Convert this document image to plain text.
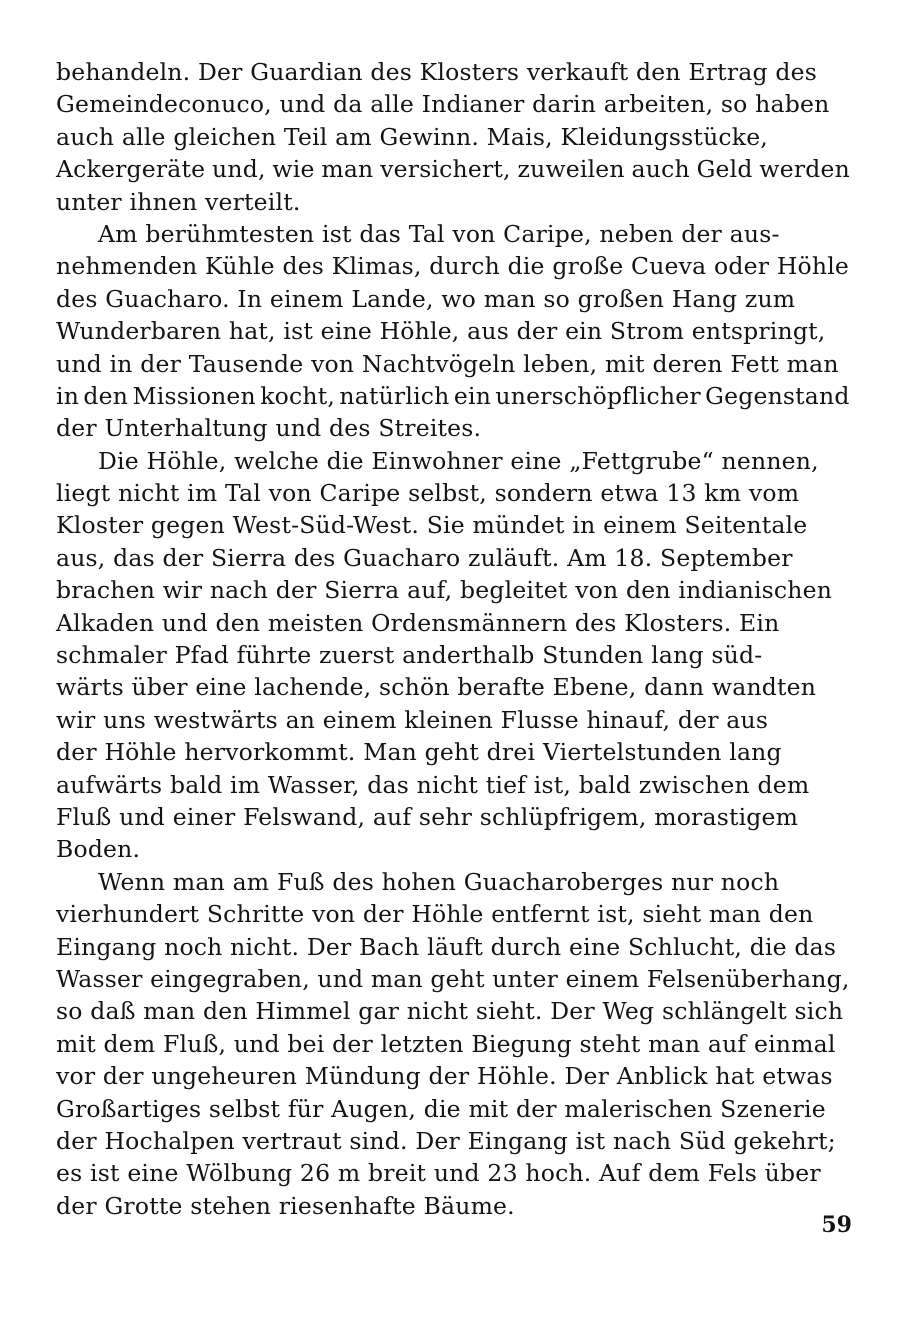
behandeln. Der Guardian des Klosters verkauft den Ertrag des
Gemeindeconuco, und da alle Indianer darin arbeiten, so haben
auch alle gleichen Teil am Gewinn. Mais, Kleidungsstücke,
Ackergeräte und, wie man versichert, zuweilen auch Geld werden
unter ihnen verteilt.
Am berühmtesten ist das Tal von Caripe, neben der aus-
nehmenden Kühle des Klimas, durch die große Cueva oder Höhle
des Guacharo. In einem Lande, wo man so großen Hang zum
Wunderbaren hat, ist eine Höhle, aus der ein Strom entspringt,
und in der Tausende von Nachtvögeln leben, mit deren Fett man
in den Missionen kocht, natürlich ein unerschöpflicher Gegenstand
der Unterhaltung und des Streites.
Die Höhle, welche die Einwohner eine „Fettgrube“ nennen,
liegt nicht im Tal von Caripe selbst, sondern etwa 13 km vom
Kloster gegen West-Süd-West. Sie mündet in einem Seitentale
aus, das der Sierra des Guacharo zuläuft. Am 18. September
brachen wir nach der Sierra auf, begleitet von den indianischen
Alkaden und den meisten Ordensmännern des Klosters. Ein
schmaler Pfad führte zuerst anderthalb Stunden lang süd-
wärts über eine lachende, schön berafte Ebene, dann wandten
wir uns westwärts an einem kleinen Flusse hinauf, der aus
der Höhle hervorkommt. Man geht drei Viertelstunden lang
aufwärts bald im Wasser, das nicht tief ist, bald zwischen dem
Fluß und einer Felswand, auf sehr schlüpfrigem, morastigem
Boden.
Wenn man am Fuß des hohen Guacharoberges nur noch
vierhundert Schritte von der Höhle entfernt ist, sieht man den
Eingang noch nicht. Der Bach läuft durch eine Schlucht, die das
Wasser eingegraben, und man geht unter einem Felsenüberhang,
so daß man den Himmel gar nicht sieht. Der Weg schlängelt sich
mit dem Fluß, und bei der letzten Biegung steht man auf einmal
vor der ungeheuren Mündung der Höhle. Der Anblick hat etwas
Großartiges selbst für Augen, die mit der malerischen Szenerie
der Hochalpen vertraut sind. Der Eingang ist nach Süd gekehrt;
es ist eine Wölbung 26 m breit und 23 hoch. Auf dem Fels über
der Grotte stehen riesenhafte Bäume.
59
